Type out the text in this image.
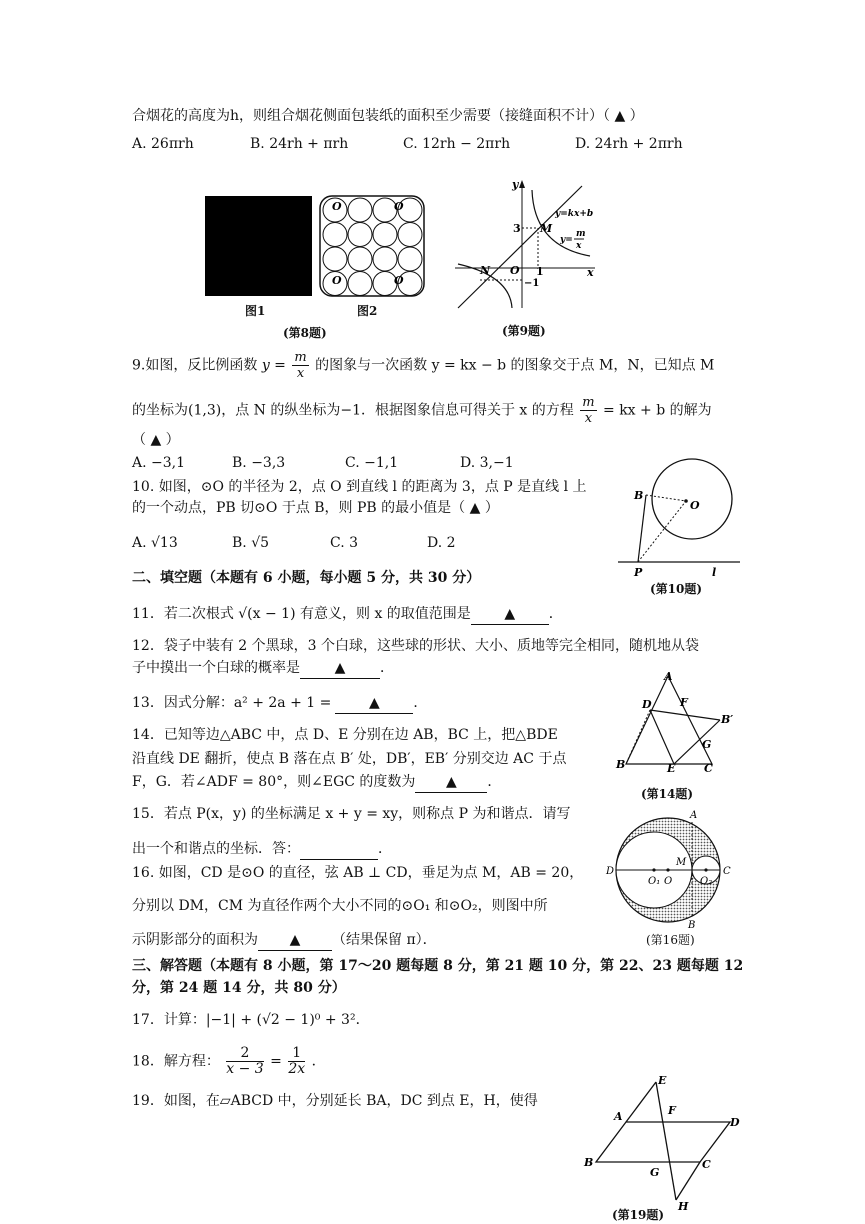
合烟花的高度为h，则组合烟花侧面包装纸的面积至少需要（接缝面积不计）（ ▲ ）
A. 26πrh	B. 24rh + πrh	C. 12rh − 2πrh	D. 24rh + 2πrh
O	O
O	O
图1	图2
(第8题)
y
x
3 M
N O 1
−1
y=kx+b
y=
m
x
(第9题)
9.如图，反比例函数 $y = \frac{m}{x}$ 的图象与一次函数 y = kx − b 的图象交于点 M，N，已知点 M
的坐标为(1,3)，点 N 的纵坐标为−1．根据图象信息可得关于 x 的方程 $\frac{m}{x}$ = kx + b 的解为
（ ▲ ）
A. −3,1	B. −3,3	C. −1,1	D. 3,−1
10. 如图，⊙O 的半径为 2，点 O 到直线 l 的距离为 3，点 P 是直线 l 上
的一个动点，PB 切⊙O 于点 B，则 PB 的最小值是（ ▲ ）
A. √13	B. √5	C. 3	D. 2
B
O
P	l
(第10题)
二、填空题（本题有 6 小题，每小题 5 分，共 30 分）
11．若二次根式 √(x − 1) 有意义，则 x 的取值范围是 ▲ ．
12．袋子中装有 2 个黑球，3 个白球，这些球的形状、大小、质地等完全相同，随机地从袋
子中摸出一个白球的概率是 ▲ ．
13．因式分解：a² + 2a + 1 =	▲ ．
14．已知等边△ABC 中，点 D、E 分别在边 AB，BC 上，把△BDE
沿直线 DE 翻折，使点 B 落在点 B′ 处，DB′，EB′ 分别交边 AC 于点
F，G．若∠ADF = 80°，则∠EGC 的度数为 ▲ ．
A
D	F
B′
G
B	E	C
(第14题)
15．若点 P(x，y) 的坐标满足 x + y = xy，则称点 P 为和谐点．请写
出一个和谐点的坐标．答：	．
16. 如图，CD 是⊙O 的直径，弦 AB ⊥ CD，垂足为点 M，AB = 20，
分别以 DM，CM 为直径作两个大小不同的⊙O₁ 和⊙O₂，则图中所
示阴影部分的面积为 ▲ （结果保留 π）．
A
D
O₁ O
M
O₂
C
B
(第16题)
三、解答题（本题有 8 小题，第 17～20 题每题 8 分，第 21 题 10 分，第 22、23 题每题 12
分，第 24 题 14 分，共 80 分）
17．计算：|−1| + (√2 − 1)⁰ + 3²．
18．解方程： $\frac{2}{x - 3} = \frac{1}{2x}$ ．
19．如图，在▱ABCD 中，分别延长 BA，DC 到点 E，H，使得
E
A	F
D
B
G
C
H
(第19题)
